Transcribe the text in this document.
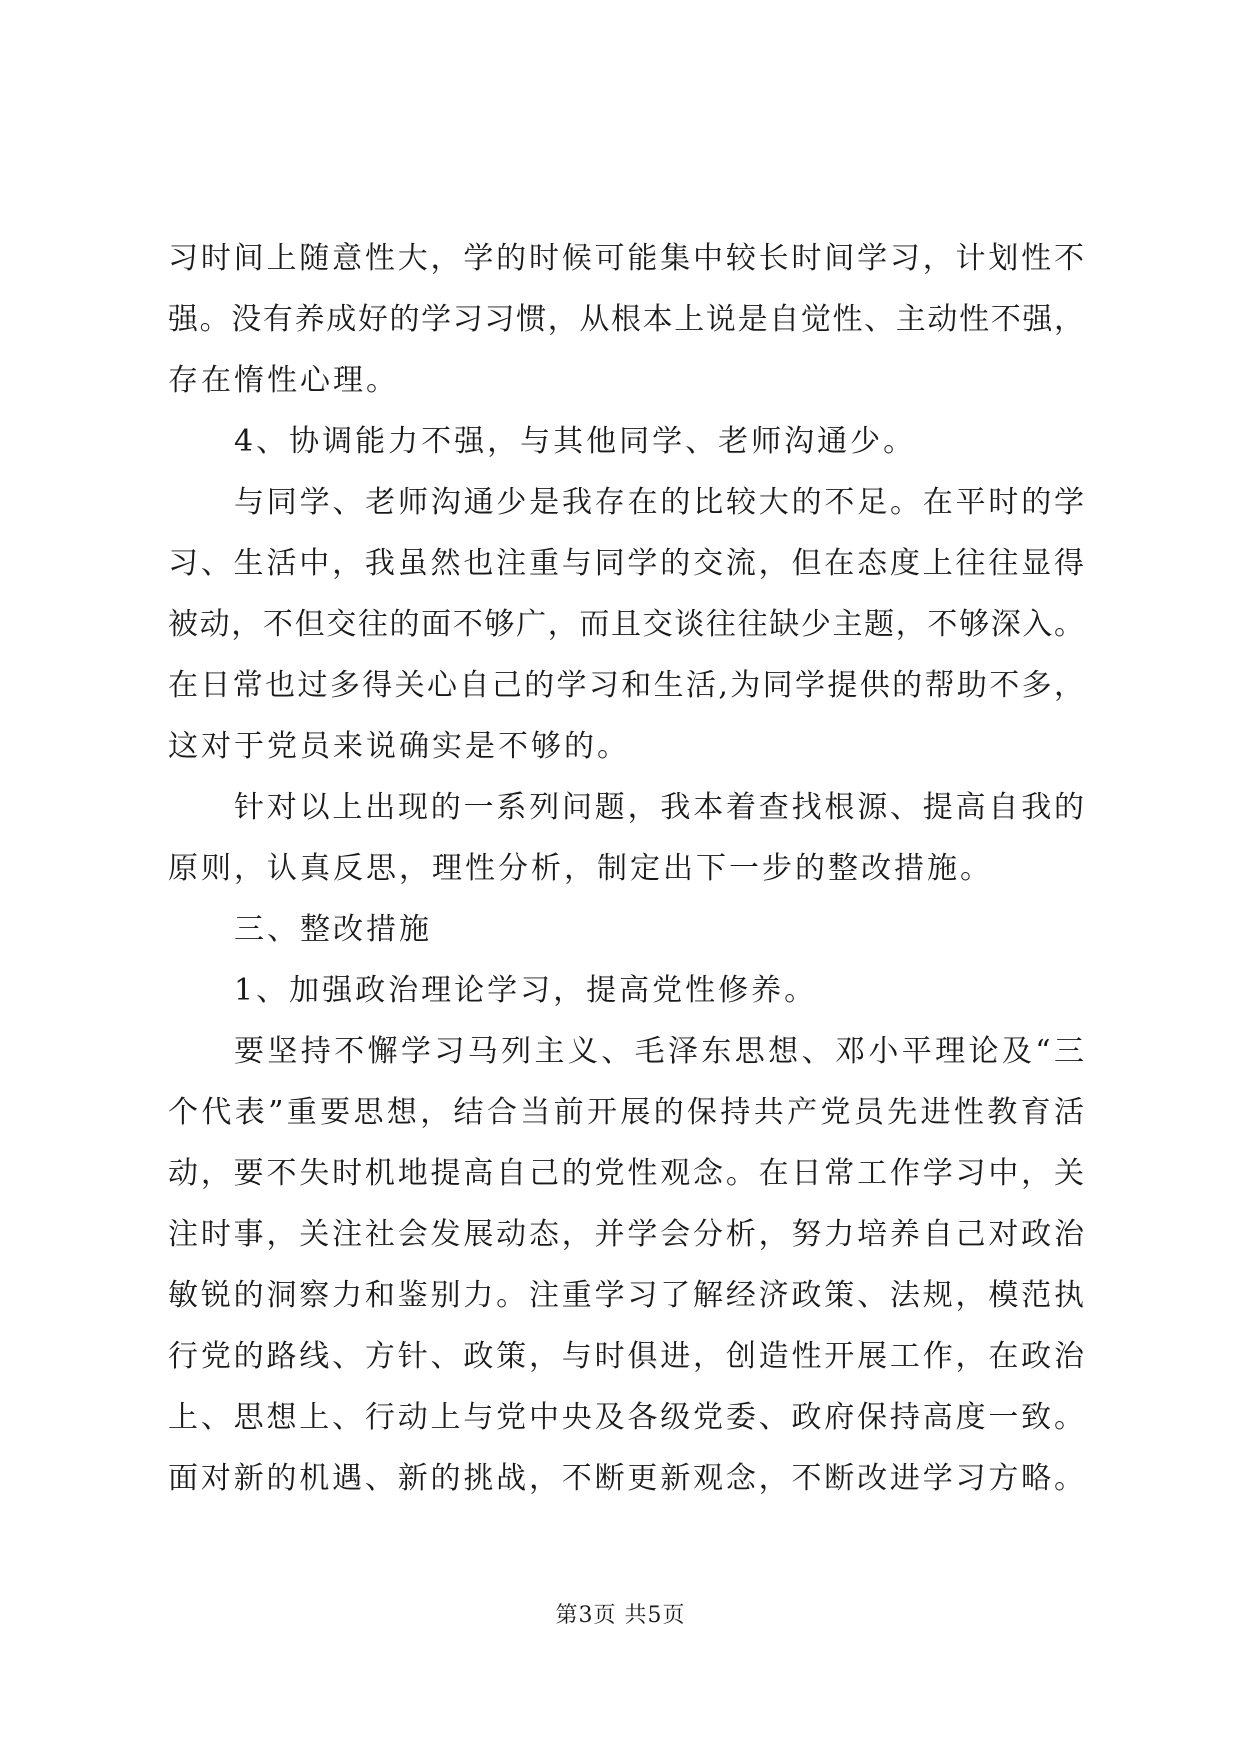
习时间上随意性大，学的时候可能集中较长时间学习，计划性不
强。没有养成好的学习习惯，从根本上说是自觉性、主动性不强，
存在惰性心理。
4、协调能力不强，与其他同学、老师沟通少。
与同学、老师沟通少是我存在的比较大的不足。在平时的学
习、生活中，我虽然也注重与同学的交流，但在态度上往往显得
被动，不但交往的面不够广，而且交谈往往缺少主题，不够深入。
在日常也过多得关心自己的学习和生活,为同学提供的帮助不多，
这对于党员来说确实是不够的。
针对以上出现的一系列问题，我本着查找根源、提高自我的
原则，认真反思，理性分析，制定出下一步的整改措施。
三、整改措施
1、加强政治理论学习，提高党性修养。
要坚持不懈学习马列主义、毛泽东思想、邓小平理论及“三
个代表”重要思想，结合当前开展的保持共产党员先进性教育活
动，要不失时机地提高自己的党性观念。在日常工作学习中，关
注时事，关注社会发展动态，并学会分析，努力培养自己对政治
敏锐的洞察力和鉴别力。注重学习了解经济政策、法规，模范执
行党的路线、方针、政策，与时俱进，创造性开展工作，在政治
上、思想上、行动上与党中央及各级党委、政府保持高度一致。
面对新的机遇、新的挑战，不断更新观念，不断改进学习方略。
第3页 共5页
